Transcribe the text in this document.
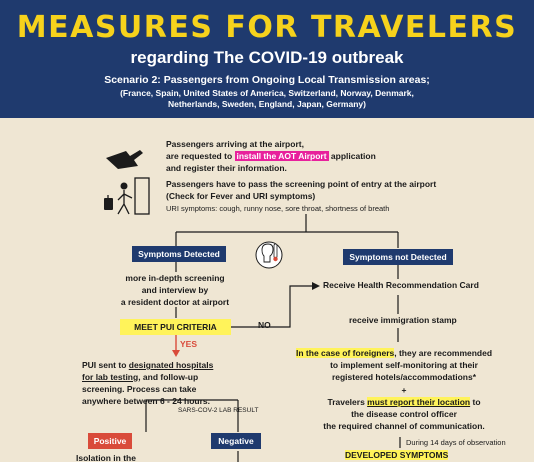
MEASURES FOR TRAVELERS
regarding The COVID-19 outbreak
Scenario 2: Passengers from Ongoing Local Transmission areas;
(France, Spain, United States of America, Switzerland, Norway, Denmark,
Netherlands, Sweden, England, Japan, Germany)
Passengers arriving at the airport,
are requested to install the AOT Airport application
and register their information.
Passengers have to pass the screening point of entry at the airport
(Check for Fever and URI symptoms)
URI symptoms: cough, runny nose, sore throat, shortness of breath
Symptoms Detected	Symptoms not Detected
more in-depth screening
and interview by
a resident doctor at airport
MEET PUI CRITERIA	NO
YES
PUI sent to designated hospitals
for lab testing, and follow-up
screening. Process can take
anywhere between 6 - 24 hours.
SARS-COV-2 LAB RESULT
Positive	Negative
Isolation in the
Receive Health Recommendation Card
receive immigration stamp
In the case of foreigners, they are recommended
to implement self-monitoring at their
registered hotels/accommodations*
+
Travelers must report their location to
the disease control officer
the required channel of communication.
During 14 days of observation
DEVELOPED SYMPTOMS
